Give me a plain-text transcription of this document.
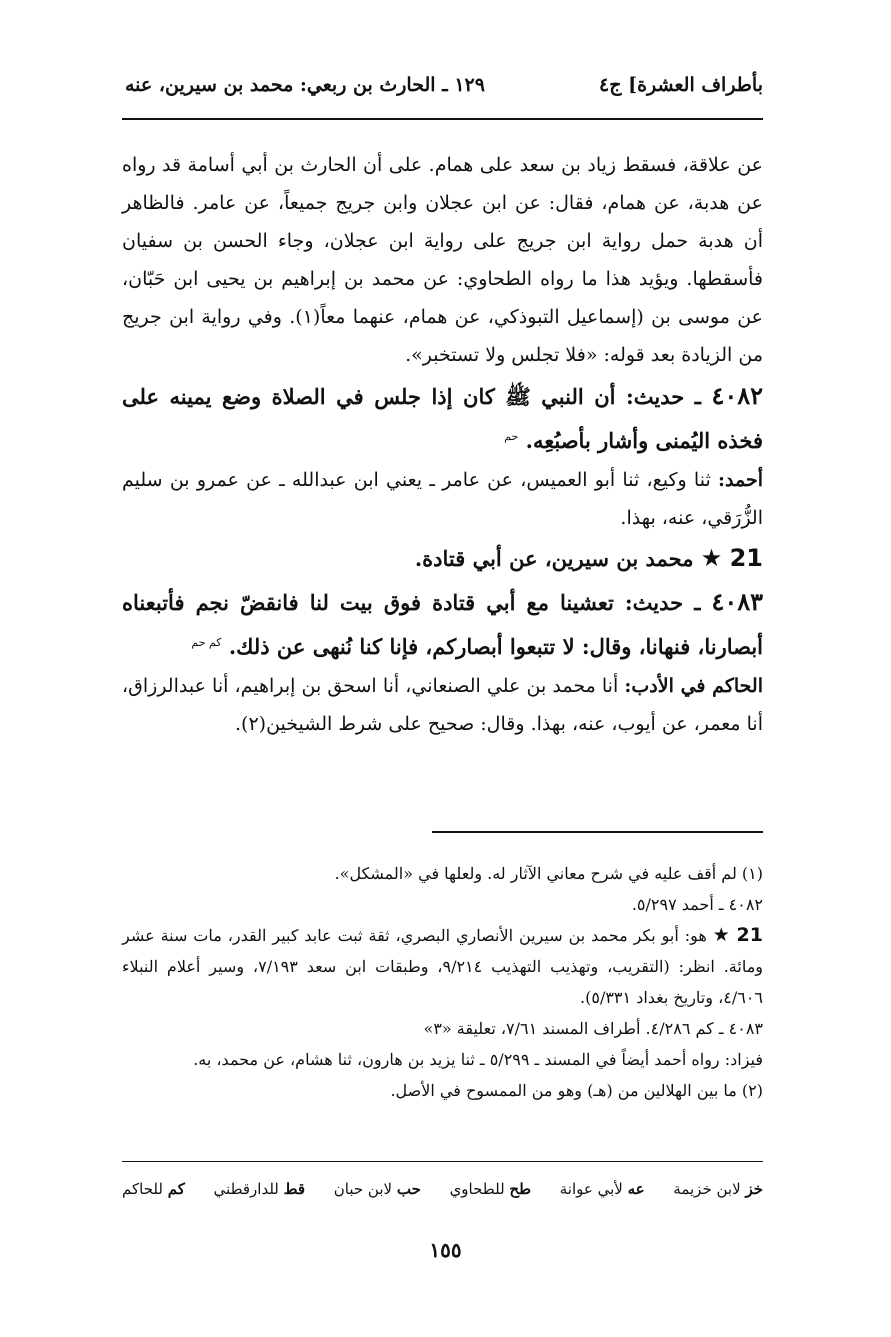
بأطراف العشرة] ج٤
١٢٩ ـ الحارث بن ربعي: محمد بن سيرين، عنه

عن علاقة، فسقط زياد بن سعد على همام. على أن الحارث بن أبي أسامة قد رواه عن هدبة، عن همام، فقال: عن ابن عجلان وابن جريج جميعاً، عن عامر. فالظاهر أن هدبة حمل رواية ابن جريج على رواية ابن عجلان، وجاء الحسن بن سفيان فأسقطها. ويؤيد هذا ما رواه الطحاوي: عن محمد بن إبراهيم بن يحيى ابن حَبّان، عن موسى بن (إسماعيل التبوذكي، عن همام، عنهما معاً(١). وفي رواية ابن جريج من الزيادة بعد قوله: «فلا تجلس ولا تستخبر».

٤٠٨٢ ـ حديث: أن النبي ﷺ كان إذا جلس في الصلاة وضع يمينه على فخذه اليُمنى وأشار بأصبُعِه. $^{حم}$

أحمد: ثنا وكيع، ثنا أبو العميس، عن عامر ـ يعني ابن عبدالله ـ عن عمرو بن سليم الزُّرَقي، عنه، بهذا.

21 ★ محمد بن سيرين، عن أبي قتادة.

٤٠٨٣ ـ حديث: تعشينا مع أبي قتادة فوق بيت لنا فانقضّ نجم فأتبعناه أبصارنا، فنهانا، وقال: لا تتبعوا أبصاركم، فإنا كنا نُنهى عن ذلك. $^{كم حم}$

الحاكم في الأدب: أنا محمد بن علي الصنعاني، أنا اسحق بن إبراهيم، أنا عبدالرزاق، أنا معمر، عن أيوب، عنه، بهذا. وقال: صحيح على شرط الشيخين(٢).

(١) لم أقف عليه في شرح معاني الآثار له. ولعلها في «المشكل».

٤٠٨٢ ـ أحمد ٥/٢٩٧.

21 ★ هو: أبو بكر محمد بن سيرين الأنصاري البصري، ثقة ثبت عابد كبير القدر، مات سنة عشر ومائة. انظر: (التقريب، وتهذيب التهذيب ٩/٢١٤، وطبقات ابن سعد ٧/١٩٣، وسير أعلام النبلاء ٤/٦٠٦، وتاريخ بغداد ٥/٣٣١).

٤٠٨٣ ـ كم ٤/٢٨٦. أطراف المسند ٧/٦١، تعليقة «٣»

فيزاد: رواه أحمد أيضاً في المسند ـ ٥/٢٩٩ ـ ثنا يزيد بن هارون، ثنا هشام، عن محمد، به.

(٢) ما بين الهلالين من (هـ) وهو من الممسوح في الأصل.

خز لابن خزيمة
عه لأبي عوانة
طح للطحاوي
حب لابن حبان
قط للدارقطني
كم للحاكم
١٥٥
